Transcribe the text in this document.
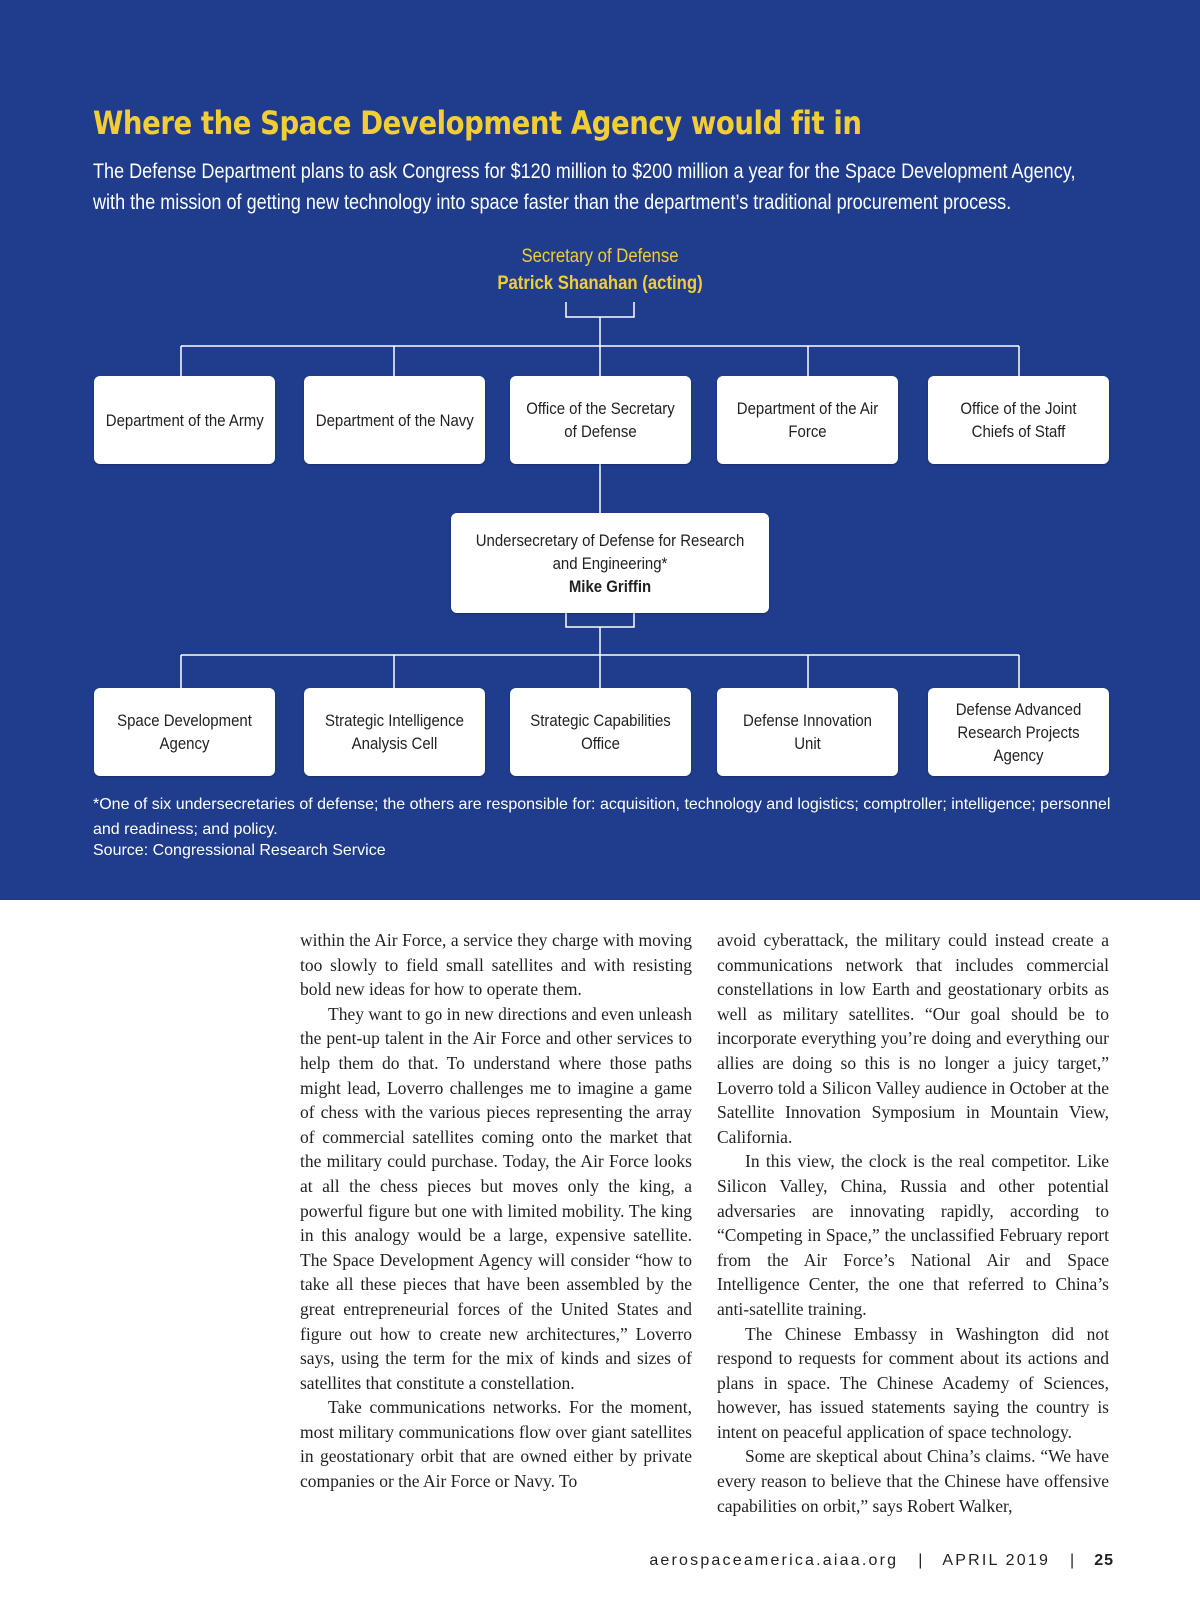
Where the Space Development Agency would fit in

The Defense Department plans to ask Congress for $120 million to $200 million a year for the Space Development Agency, with the mission of getting new technology into space faster than the department’s traditional procurement process.

Secretary of Defense
Patrick Shanahan (acting)
Department of the Army	Department of the Navy
Office of the Secretary of Defense
Department of the Air Force
Office of the Joint Chiefs of Staff
Undersecretary of Defense for Research and Engineering*
Mike Griffin
Space Development Agency
Strategic Intelligence Analysis Cell
Strategic Capabilities Office
Defense Innovation Unit
Defense Advanced Research Projects Agency

*One of six undersecretaries of defense; the others are responsible for: acquisition, technology and logistics; comptroller; intelligence; personnel and readiness; and policy.

Source: Congressional Research Service

within the Air Force, a service they charge with moving too slowly to field small satellites and with resisting bold new ideas for how to operate them.

They want to go in new directions and even unleash the pent-up talent in the Air Force and other services to help them do that. To understand where those paths might lead, Loverro challenges me to imagine a game of chess with the various pieces representing the array of commercial satellites coming onto the market that the military could purchase. Today, the Air Force looks at all the chess pieces but moves only the king, a powerful figure but one with limited mobility. The king in this analogy would be a large, expensive satellite. The Space Development Agency will consider “how to take all these pieces that have been assembled by the great entrepreneurial forces of the United States and figure out how to create new architectures,” Loverro says, using the term for the mix of kinds and sizes of satellites that constitute a constellation.

Take communications networks. For the moment, most military communications flow over giant satellites in geostationary orbit that are owned either by private companies or the Air Force or Navy. To

avoid cyberattack, the military could instead create a communications network that includes commercial constellations in low Earth and geostationary orbits as well as military satellites. “Our goal should be to incorporate everything you’re doing and everything our allies are doing so this is no longer a juicy target,” Loverro told a Silicon Valley audience in October at the Satellite Innovation Symposium in Mountain View, California.

In this view, the clock is the real competitor. Like Silicon Valley, China, Russia and other potential adversaries are innovating rapidly, according to “Competing in Space,” the unclassified February report from the Air Force’s National Air and Space Intelligence Center, the one that referred to China’s anti-satellite training.

The Chinese Embassy in Washington did not respond to requests for comment about its actions and plans in space. The Chinese Academy of Sciences, however, has issued statements saying the country is intent on peaceful application of space technology.

Some are skeptical about China’s claims. “We have every reason to believe that the Chinese have offensive capabilities on orbit,” says Robert Walker,

aerospaceamerica.aiaa.org | APRIL 2019 | 25
